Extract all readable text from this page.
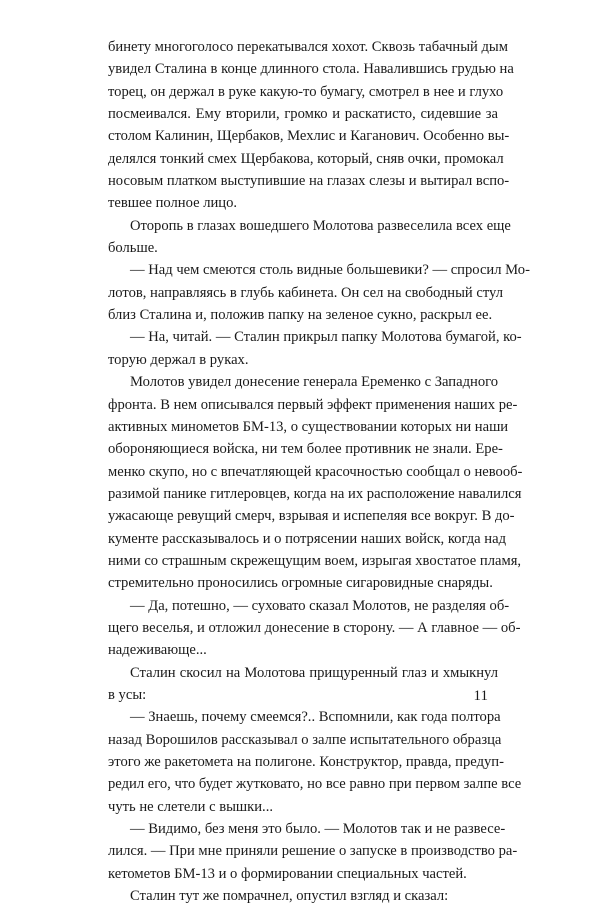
бинету многоголосо перекатывался хохот. Сквозь табачный дым
увидел Сталина в конце длинного стола. Навалившись грудью на
торец, он держал в руке какую-то бумагу, смотрел в нее и глухо
посмеивался. Ему вторили, громко и раскатисто, сидевшие за
столом Калинин, Щербаков, Мехлис и Каганович. Особенно вы-
делялся тонкий смех Щербакова, который, сняв очки, промокал
носовым платком выступившие на глазах слезы и вытирал вспо-
тевшее полное лицо.
Оторопь в глазах вошедшего Молотова развеселила всех еще
больше.
— Над чем смеются столь видные большевики? — спросил Мо-
лотов, направляясь в глубь кабинета. Он сел на свободный стул
близ Сталина и, положив папку на зеленое сукно, раскрыл ее.
— На, читай. — Сталин прикрыл папку Молотова бумагой, ко-
торую держал в руках.
Молотов увидел донесение генерала Еременко с Западного
фронта. В нем описывался первый эффект применения наших ре-
активных минометов БМ-13, о существовании которых ни наши
обороняющиеся войска, ни тем более противник не знали. Ере-
менко скупо, но с впечатляющей красочностью сообщал о невооб-
разимой панике гитлеровцев, когда на их расположение навалился
ужасающе ревущий смерч, взрывая и испепеляя все вокруг. В до-
кументе рассказывалось и о потрясении наших войск, когда над
ними со страшным скрежещущим воем, изрыгая хвостатое пламя,
стремительно проносились огромные сигаровидные снаряды.
— Да, потешно, — суховато сказал Молотов, не разделяя об-
щего веселья, и отложил донесение в сторону. — А главное — об-
надеживающе...
Сталин скосил на Молотова прищуренный глаз и хмыкнул
в усы:
— Знаешь, почему смеемся?.. Вспомнили, как года полтора
назад Ворошилов рассказывал о залпе испытательного образца
этого же ракетомета на полигоне. Конструктор, правда, предуп-
редил его, что будет жутковато, но все равно при первом залпе все
чуть не слетели с вышки...
— Видимо, без меня это было. — Молотов так и не развесе-
лился. — При мне приняли решение о запуске в производство ра-
кетометов БМ-13 и о формировании специальных частей.
Сталин тут же помрачнел, опустил взгляд и сказал:
11
